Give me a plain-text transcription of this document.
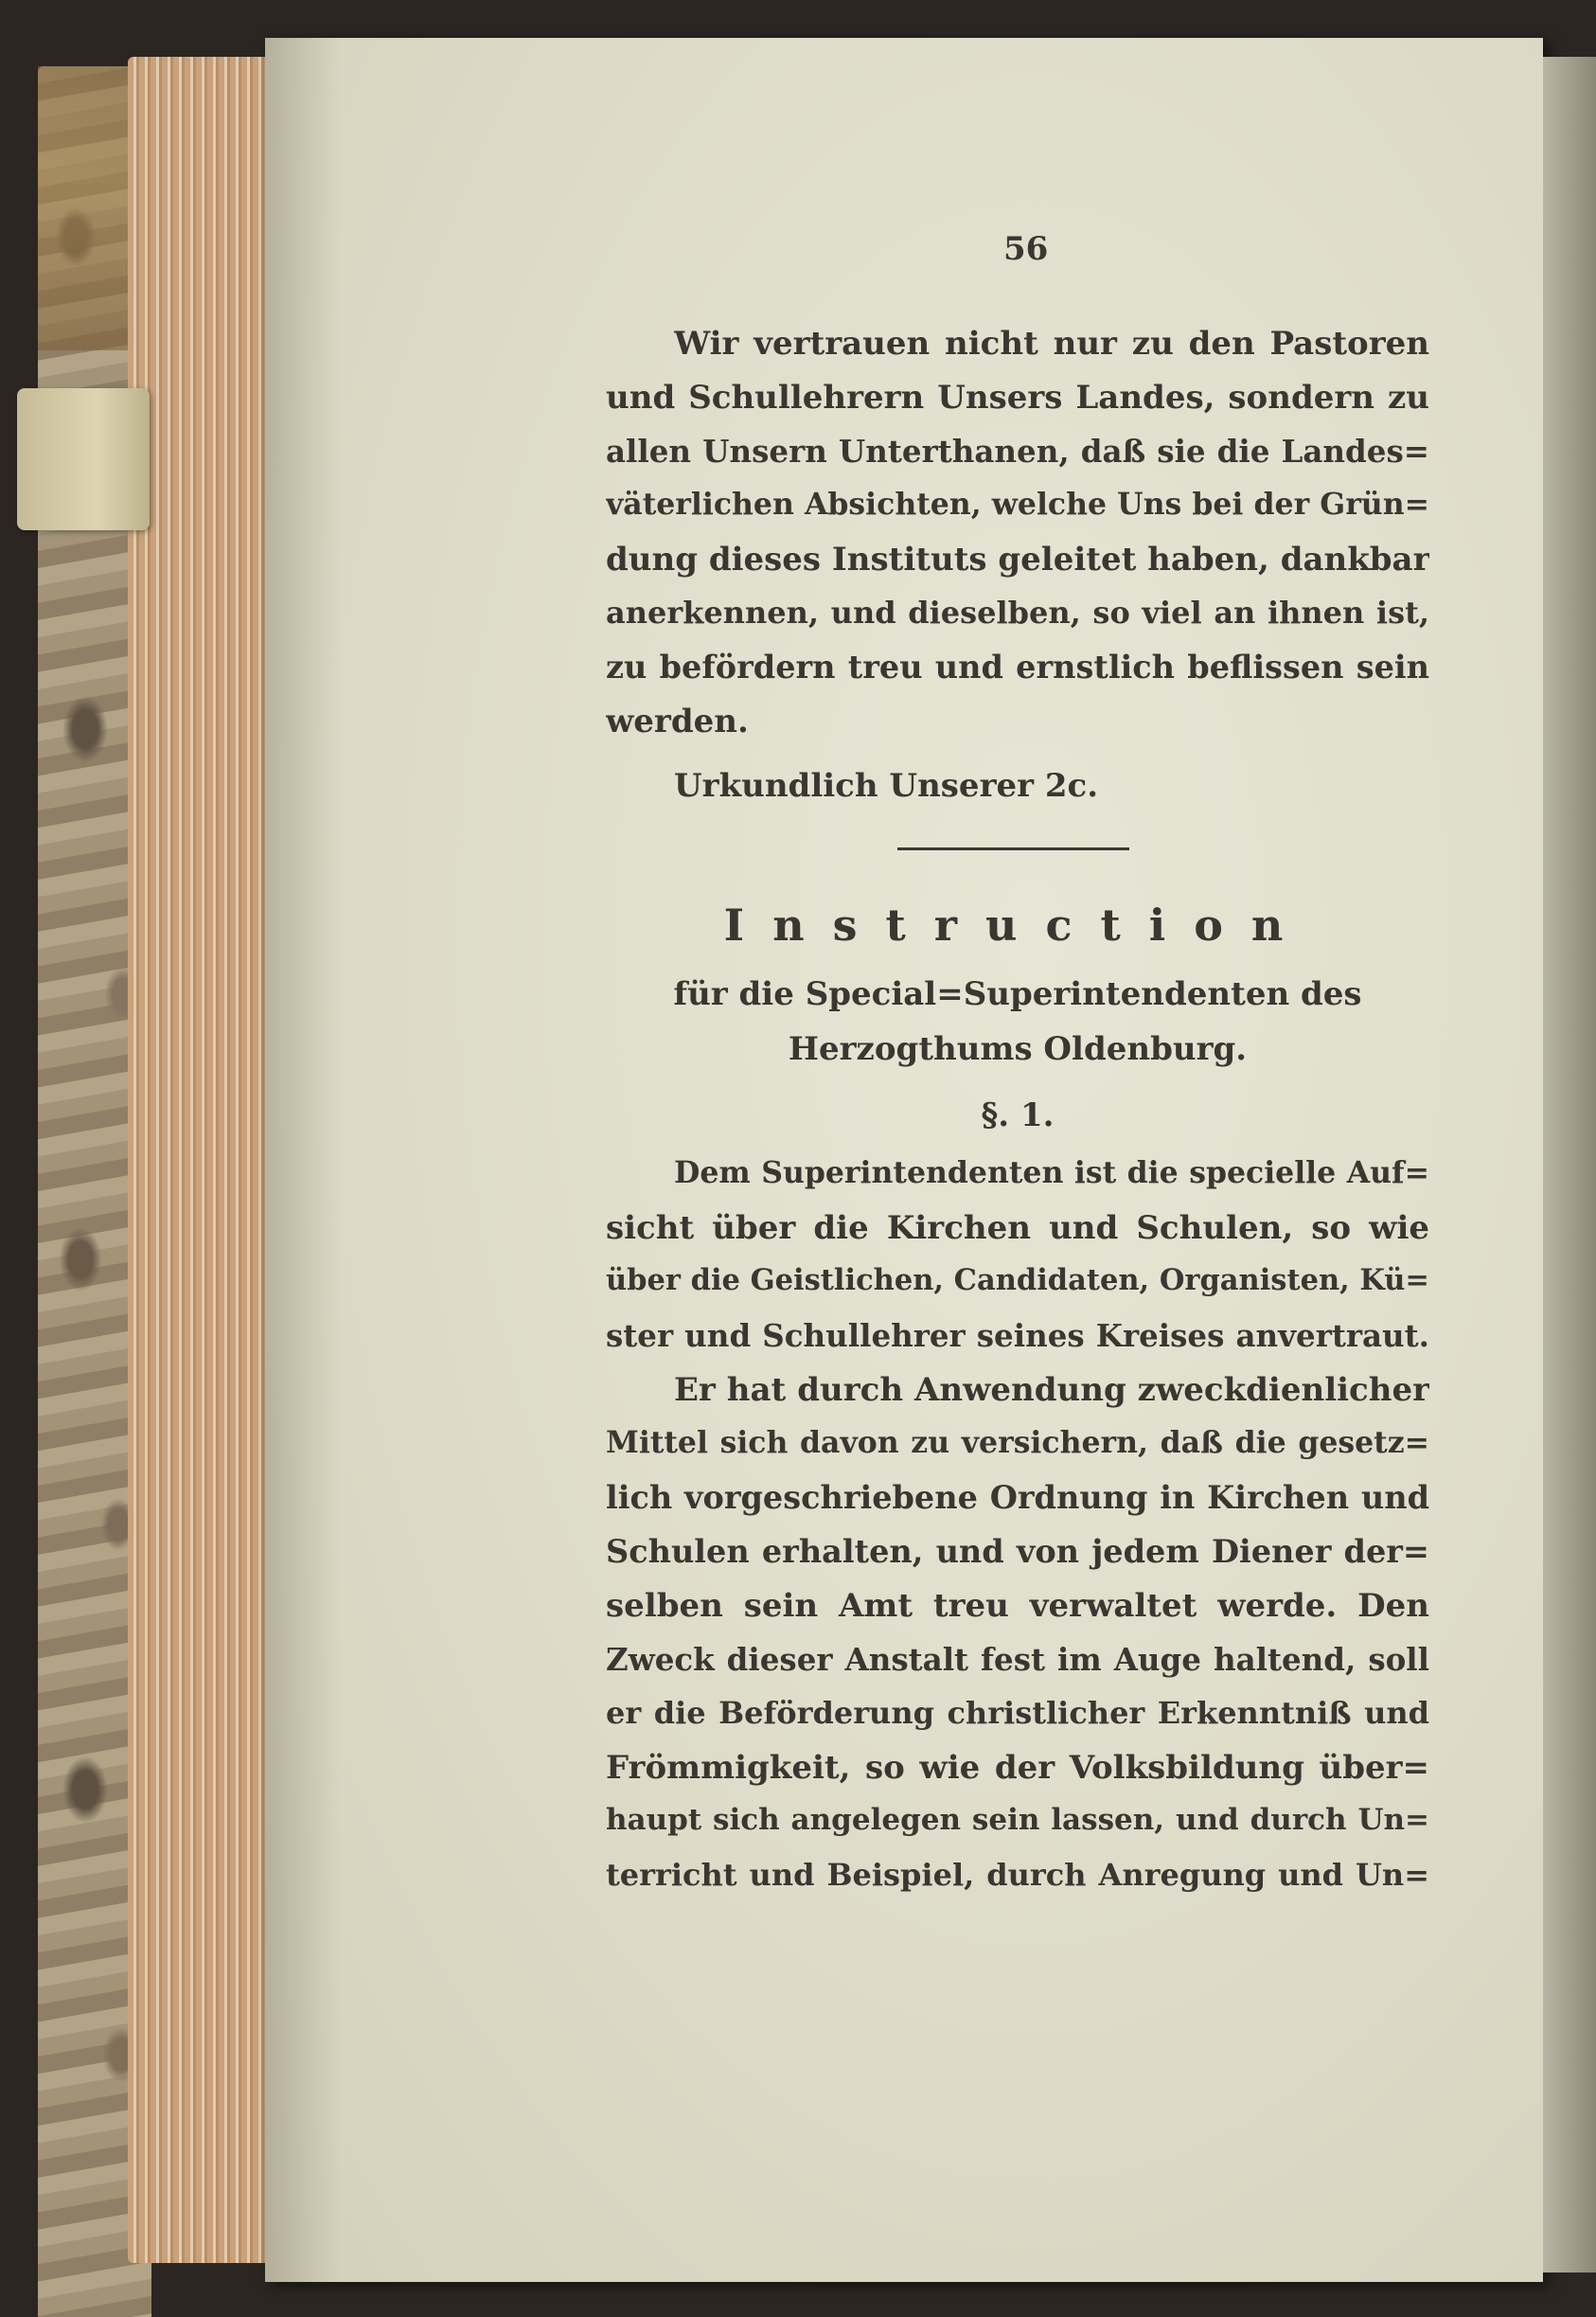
56
Wir vertrauen nicht nur zu den Pastoren
und Schullehrern Unsers Landes, sondern zu
allen Unsern Unterthanen, daß sie die Landes=
väterlichen Absichten, welche Uns bei der Grün=
dung dieses Instituts geleitet haben, dankbar
anerkennen, und dieselben, so viel an ihnen ist,
zu befördern treu und ernstlich beflissen sein
werden.
Urkundlich Unserer 2c.
Instruction
für die Special=Superintendenten des
Herzogthums Oldenburg.
§. 1.
Dem Superintendenten ist die specielle Auf=
sicht über die Kirchen und Schulen, so wie
über die Geistlichen, Candidaten, Organisten, Kü=
ster und Schullehrer seines Kreises anvertraut.
Er hat durch Anwendung zweckdienlicher
Mittel sich davon zu versichern, daß die gesetz=
lich vorgeschriebene Ordnung in Kirchen und
Schulen erhalten, und von jedem Diener der=
selben sein Amt treu verwaltet werde. Den
Zweck dieser Anstalt fest im Auge haltend, soll
er die Beförderung christlicher Erkenntniß und
Frömmigkeit, so wie der Volksbildung über=
haupt sich angelegen sein lassen, und durch Un=
terricht und Beispiel, durch Anregung und Un=
